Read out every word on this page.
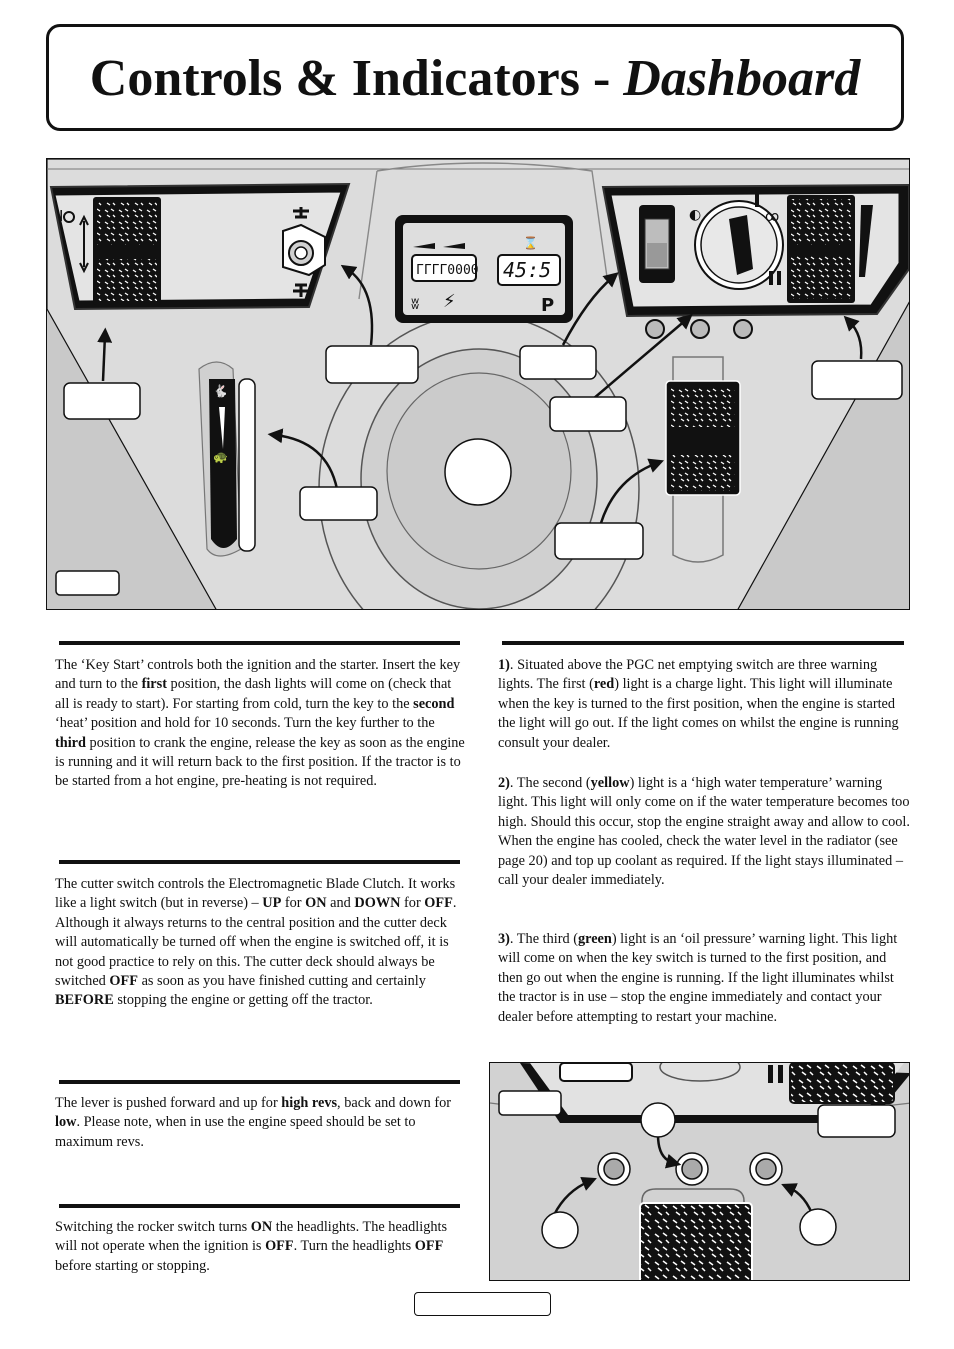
Controls & Indicators - Dashboard
I
ГГГГ0000 45:5
⌛
ʬ ⚡	P
◐	ꝏ
🐇
🐢

The ‘Key Start’ controls both the ignition and the starter. Insert the key and turn to the first position, the dash lights will come on (check that all is ready to start). For starting from cold, turn the key to the second ‘heat’ position and hold for 10 seconds. Turn the key further to the third position to crank the engine, release the key as soon as the engine is running and it will return back to the first position. If the tractor is to be started from a hot engine, pre-heating is not required.

The cutter switch controls the Electromagnetic Blade Clutch. It works like a light switch (but in reverse) – UP for ON and DOWN for OFF. Although it always returns to the central position and the cutter deck will automatically be turned off when the engine is switched off, it is not good practice to rely on this. The cutter deck should always be switched OFF as soon as you have finished cutting and certainly BEFORE stopping the engine or getting off the tractor.

The lever is pushed forward and up for high revs, back and down for low. Please note, when in use the engine speed should be set to maximum revs.

Switching the rocker switch turns ON the headlights. The headlights will not operate when the ignition is OFF. Turn the headlights OFF before starting or stopping.

1). Situated above the PGC net emptying switch are three warning lights. The first (red) light is a charge light. This light will illuminate when the key is turned to the first position, when the engine is started the light will go out. If the light comes on whilst the engine is running consult your dealer.

2). The second (yellow) light is a ‘high water temperature’ warning light. This light will only come on if the water temperature becomes too high. Should this occur, stop the engine straight away and allow to cool. When the engine has cooled, check the water level in the radiator (see page 20) and top up coolant as required. If the light stays illuminated – call your dealer immediately.

3). The third (green) light is an ‘oil pressure’ warning light. This light will come on when the key switch is turned to the first position, and then go out when the engine is running. If the light illuminates whilst the tractor is in use – stop the engine immediately and contact your dealer before attempting to restart your machine.
